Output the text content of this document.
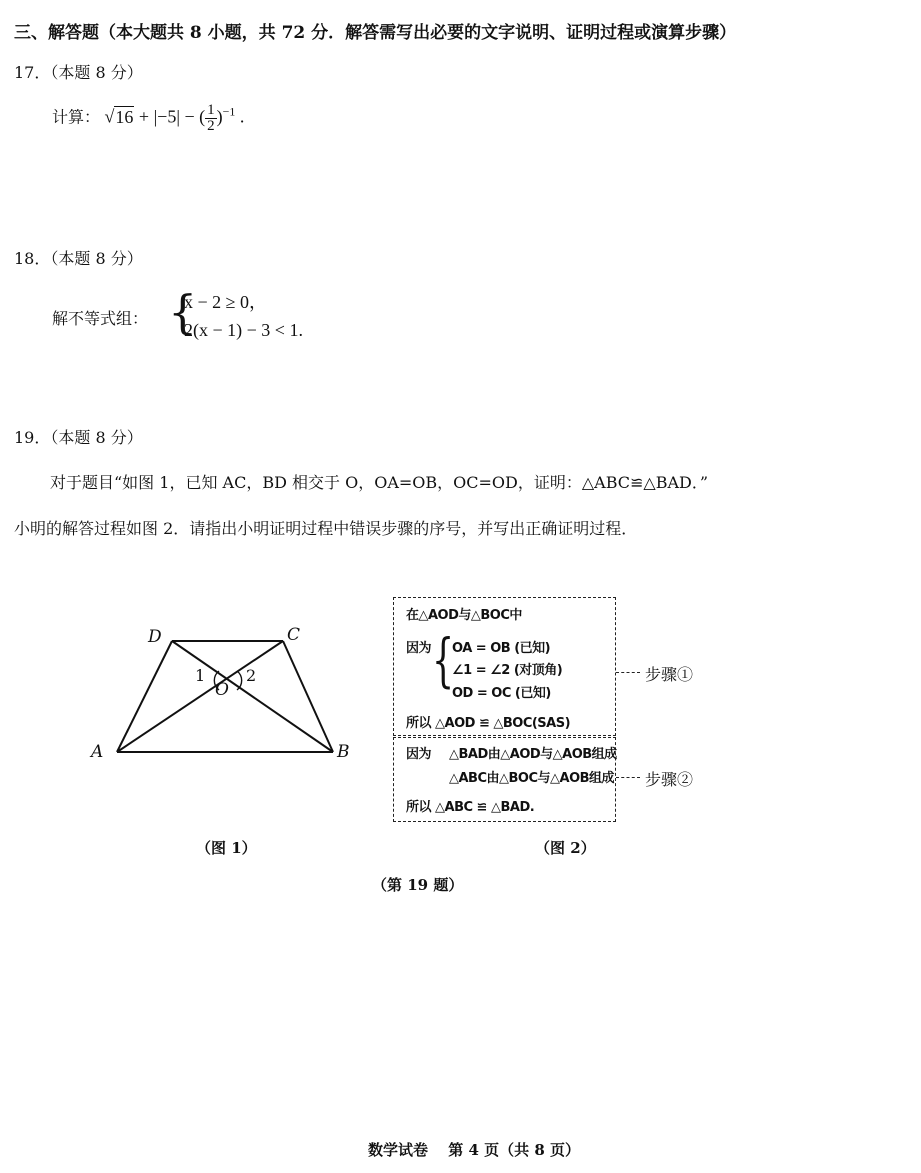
三、解答题（本大题共 8 小题，共 72 分．解答需写出必要的文字说明、证明过程或演算步骤）
17．（本题 8 分）
计算： √16 + |−5| − ( $\frac{1}{2} )^{-1}$ .
18．（本题 8 分）
解不等式组： {
x − 2 ≥ 0，
2(x − 1) − 3 < 1.
19．（本题 8 分）
对于题目“如图 1，已知 AC，BD 相交于 O，OA=OB，OC=OD，证明：△ABC≌△BAD．”
小明的解答过程如图 2．请指出小明证明过程中错误步骤的序号，并写出正确证明过程．
A	B
C
D
O
1	2
（图 1）
在△AOD与△BOC中
因为 {
OA = OB (已知)
∠1 = ∠2 (对顶角)
OD = OC (已知)
所以 △AOD ≌ △BOC(SAS)
因为 △BAD由△AOD与△AOB组成
△ABC由△BOC与△AOB组成
所以 △ABC ≌ △BAD.
步骤①
步骤②
（图 2）
（第 19 题）
数学试卷　 第 4 页（共 8 页）
